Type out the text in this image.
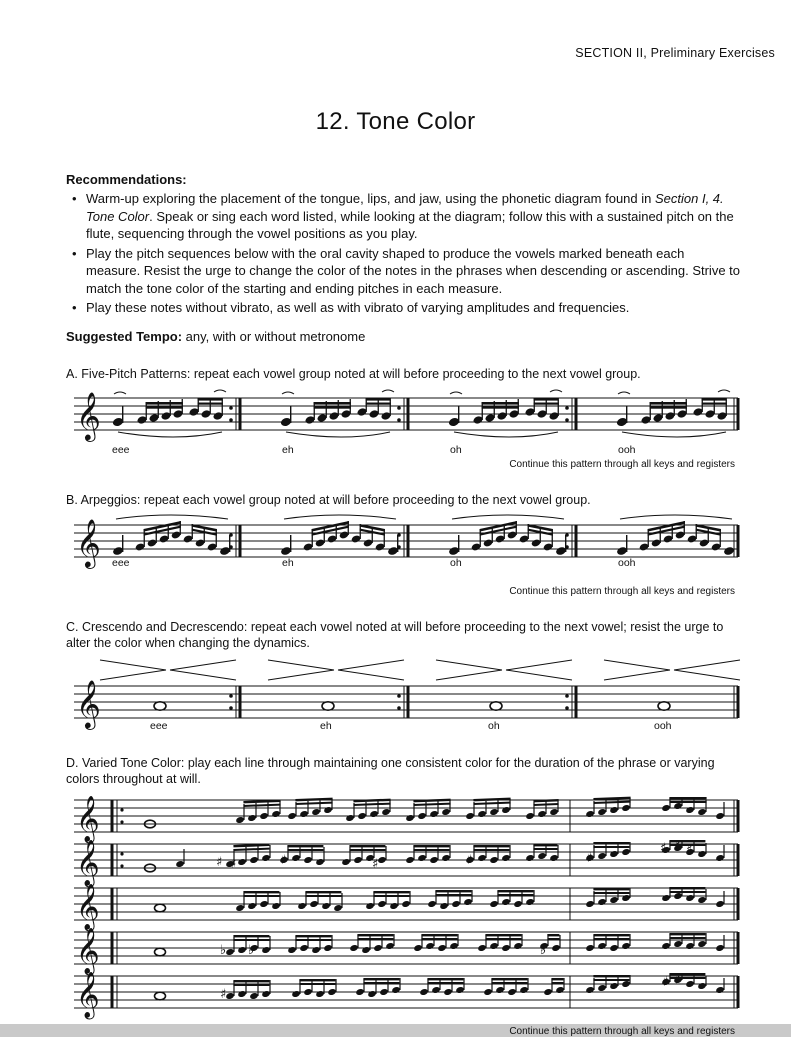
SECTION II, Preliminary Exercises
12. Tone Color
Recommendations:
• Warm-up exploring the placement of the tongue, lips, and jaw, using the phonetic diagram found in Section I, 4. Tone Color. Speak or sing each word listed, while looking at the diagram; follow this with a sustained pitch on the flute, sequencing through the vowel positions as you play.
• Play the pitch sequences below with the oral cavity shaped to produce the vowels marked beneath each measure. Resist the urge to change the color of the notes in the phrases when descending or ascending. Strive to match the tone color of the starting and ending pitches in each measure.
• Play these notes without vibrato, as well as with vibrato of varying amplitudes and frequencies.
Suggested Tempo: any, with or without metronome
A. Five-Pitch Patterns: repeat each vowel group noted at will before proceeding to the next vowel group.
𝄞
eee	eh	oh	ooh
Continue this pattern through all keys and registers
B. Arpeggios: repeat each vowel group noted at will before proceeding to the next vowel group.
𝄞 eee	eh	oh	ooh
Continue this pattern through all keys and registers
C. Crescendo and Decrescendo: repeat each vowel noted at will before proceeding to the next vowel; resist the urge to alter the color when changing the dynamics.
𝄞	eee	eh	oh	ooh
D. Varied Tone Color: play each line through maintaining one consistent color for the duration of the phrase or varying colors throughout at will.
𝄞
𝄞
𝄞
𝄞
𝄞
♯ ♯	♯	♯	♯	♯
♯ ♯ ♯
♭ ♭	♭
♯
♯ ♯
Continue this pattern through all keys and registers
